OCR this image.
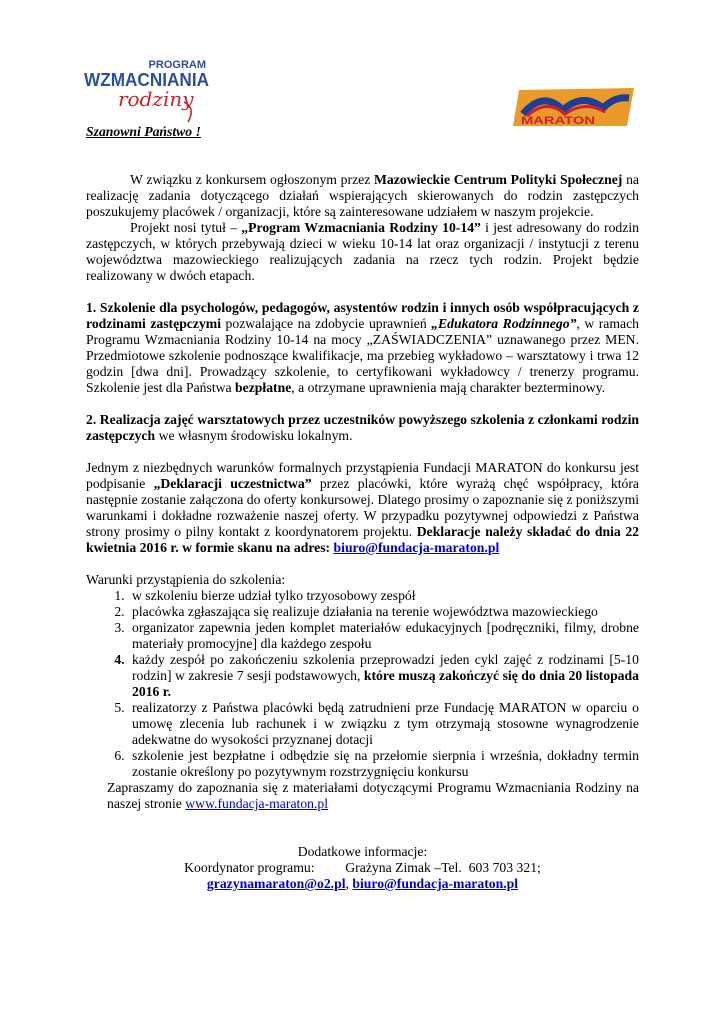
PROGRAM
WZMACNIANIA
rodziny
MARATON

Szanowni Państwo !

W związku z konkursem ogłoszonym przez Mazowieckie Centrum Polityki Społecznej na realizację zadania dotyczącego działań wspierających skierowanych do rodzin zastępczych poszukujemy placówek / organizacji, które są zainteresowane udziałem w naszym projekcie.

Projekt nosi tytuł – „Program Wzmacniania Rodziny 10-14” i jest adresowany do rodzin zastępczych, w których przebywają dzieci w wieku 10-14 lat oraz organizacji / instytucji z terenu województwa mazowieckiego realizujących zadania na rzecz tych rodzin. Projekt będzie realizowany w dwóch etapach.

1. Szkolenie dla psychologów, pedagogów, asystentów rodzin i innych osób współpracujących z rodzinami zastępczymi pozwalające na zdobycie uprawnień „Edukatora Rodzinnego”, w ramach Programu Wzmacniania Rodziny 10-14 na mocy „ZAŚWIADCZENIA” uznawanego przez MEN. Przedmiotowe szkolenie podnoszące kwalifikacje, ma przebieg wykładowo – warsztatowy i trwa 12 godzin [dwa dni]. Prowadzący szkolenie, to certyfikowani wykładowcy / trenerzy programu. Szkolenie jest dla Państwa bezpłatne, a otrzymane uprawnienia mają charakter bezterminowy.

2. Realizacja zajęć warsztatowych przez uczestników powyższego szkolenia z członkami rodzin zastępczych we własnym środowisku lokalnym.

Jednym z niezbędnych warunków formalnych przystąpienia Fundacji MARATON do konkursu jest podpisanie „Deklaracji uczestnictwa” przez placówki, które wyrażą chęć współpracy, która następnie zostanie załączona do oferty konkursowej. Dlatego prosimy o zapoznanie się z poniższymi warunkami i dokładne rozważenie naszej oferty. W przypadku pozytywnej odpowiedzi z Państwa strony prosimy o pilny kontakt z koordynatorem projektu. Deklaracje należy składać do dnia 22 kwietnia 2016 r. w formie skanu na adres: biuro@fundacja-maraton.pl

Warunki przystąpienia do szkolenia:

1. w szkoleniu bierze udział tylko trzyosobowy zespół
2. placówka zgłaszająca się realizuje działania na terenie województwa mazowieckiego
3. organizator zapewnia jeden komplet materiałów edukacyjnych [podręczniki, filmy, drobne materiały promocyjne] dla każdego zespołu
4. każdy zespół po zakończeniu szkolenia przeprowadzi jeden cykl zajęć z rodzinami [5-10 rodzin] w zakresie 7 sesji podstawowych, które muszą zakończyć się do dnia 20 listopada 2016 r.
5. realizatorzy z Państwa placówki będą zatrudnieni prze Fundację MARATON w oparciu o umowę zlecenia lub rachunek i w związku z tym otrzymają stosowne wynagrodzenie adekwatne do wysokości przyznanej dotacji
6. szkolenie jest bezpłatne i odbędzie się na przełomie sierpnia i września, dokładny termin zostanie określony po pozytywnym rozstrzygnięciu konkursu

Zapraszamy do zapoznania się z materiałami dotyczącymi Programu Wzmacniania Rodziny na naszej stronie www.fundacja-maraton.pl

Dodatkowe informacje:

Koordynator programu:         Grażyna Zimak –Tel.  603 703 321;

grazynamaraton@o2.pl, biuro@fundacja-maraton.pl
